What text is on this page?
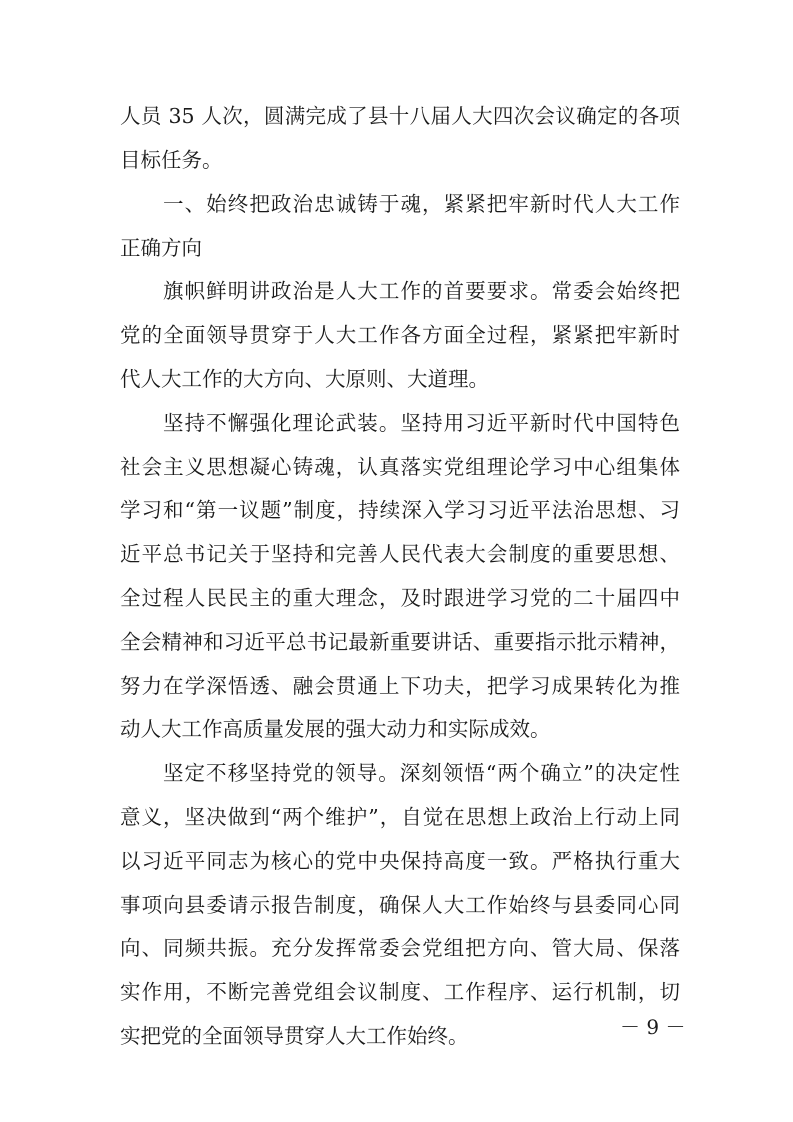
人员 35 人次，圆满完成了县十八届人大四次会议确定的各项
目标任务。
一、始终把政治忠诚铸于魂，紧紧把牢新时代人大工作
正确方向
旗帜鲜明讲政治是人大工作的首要要求。常委会始终把
党的全面领导贯穿于人大工作各方面全过程，紧紧把牢新时
代人大工作的大方向、大原则、大道理。
坚持不懈强化理论武装。坚持用习近平新时代中国特色
社会主义思想凝心铸魂，认真落实党组理论学习中心组集体
学习和“第一议题”制度，持续深入学习习近平法治思想、习
近平总书记关于坚持和完善人民代表大会制度的重要思想、
全过程人民民主的重大理念，及时跟进学习党的二十届四中
全会精神和习近平总书记最新重要讲话、重要指示批示精神，
努力在学深悟透、融会贯通上下功夫，把学习成果转化为推
动人大工作高质量发展的强大动力和实际成效。
坚定不移坚持党的领导。深刻领悟“两个确立”的决定性
意义，坚决做到“两个维护”，自觉在思想上政治上行动上同
以习近平同志为核心的党中央保持高度一致。严格执行重大
事项向县委请示报告制度，确保人大工作始终与县委同心同
向、同频共振。充分发挥常委会党组把方向、管大局、保落
实作用，不断完善党组会议制度、工作程序、运行机制，切
实把党的全面领导贯穿人大工作始终。	－ 9 －
